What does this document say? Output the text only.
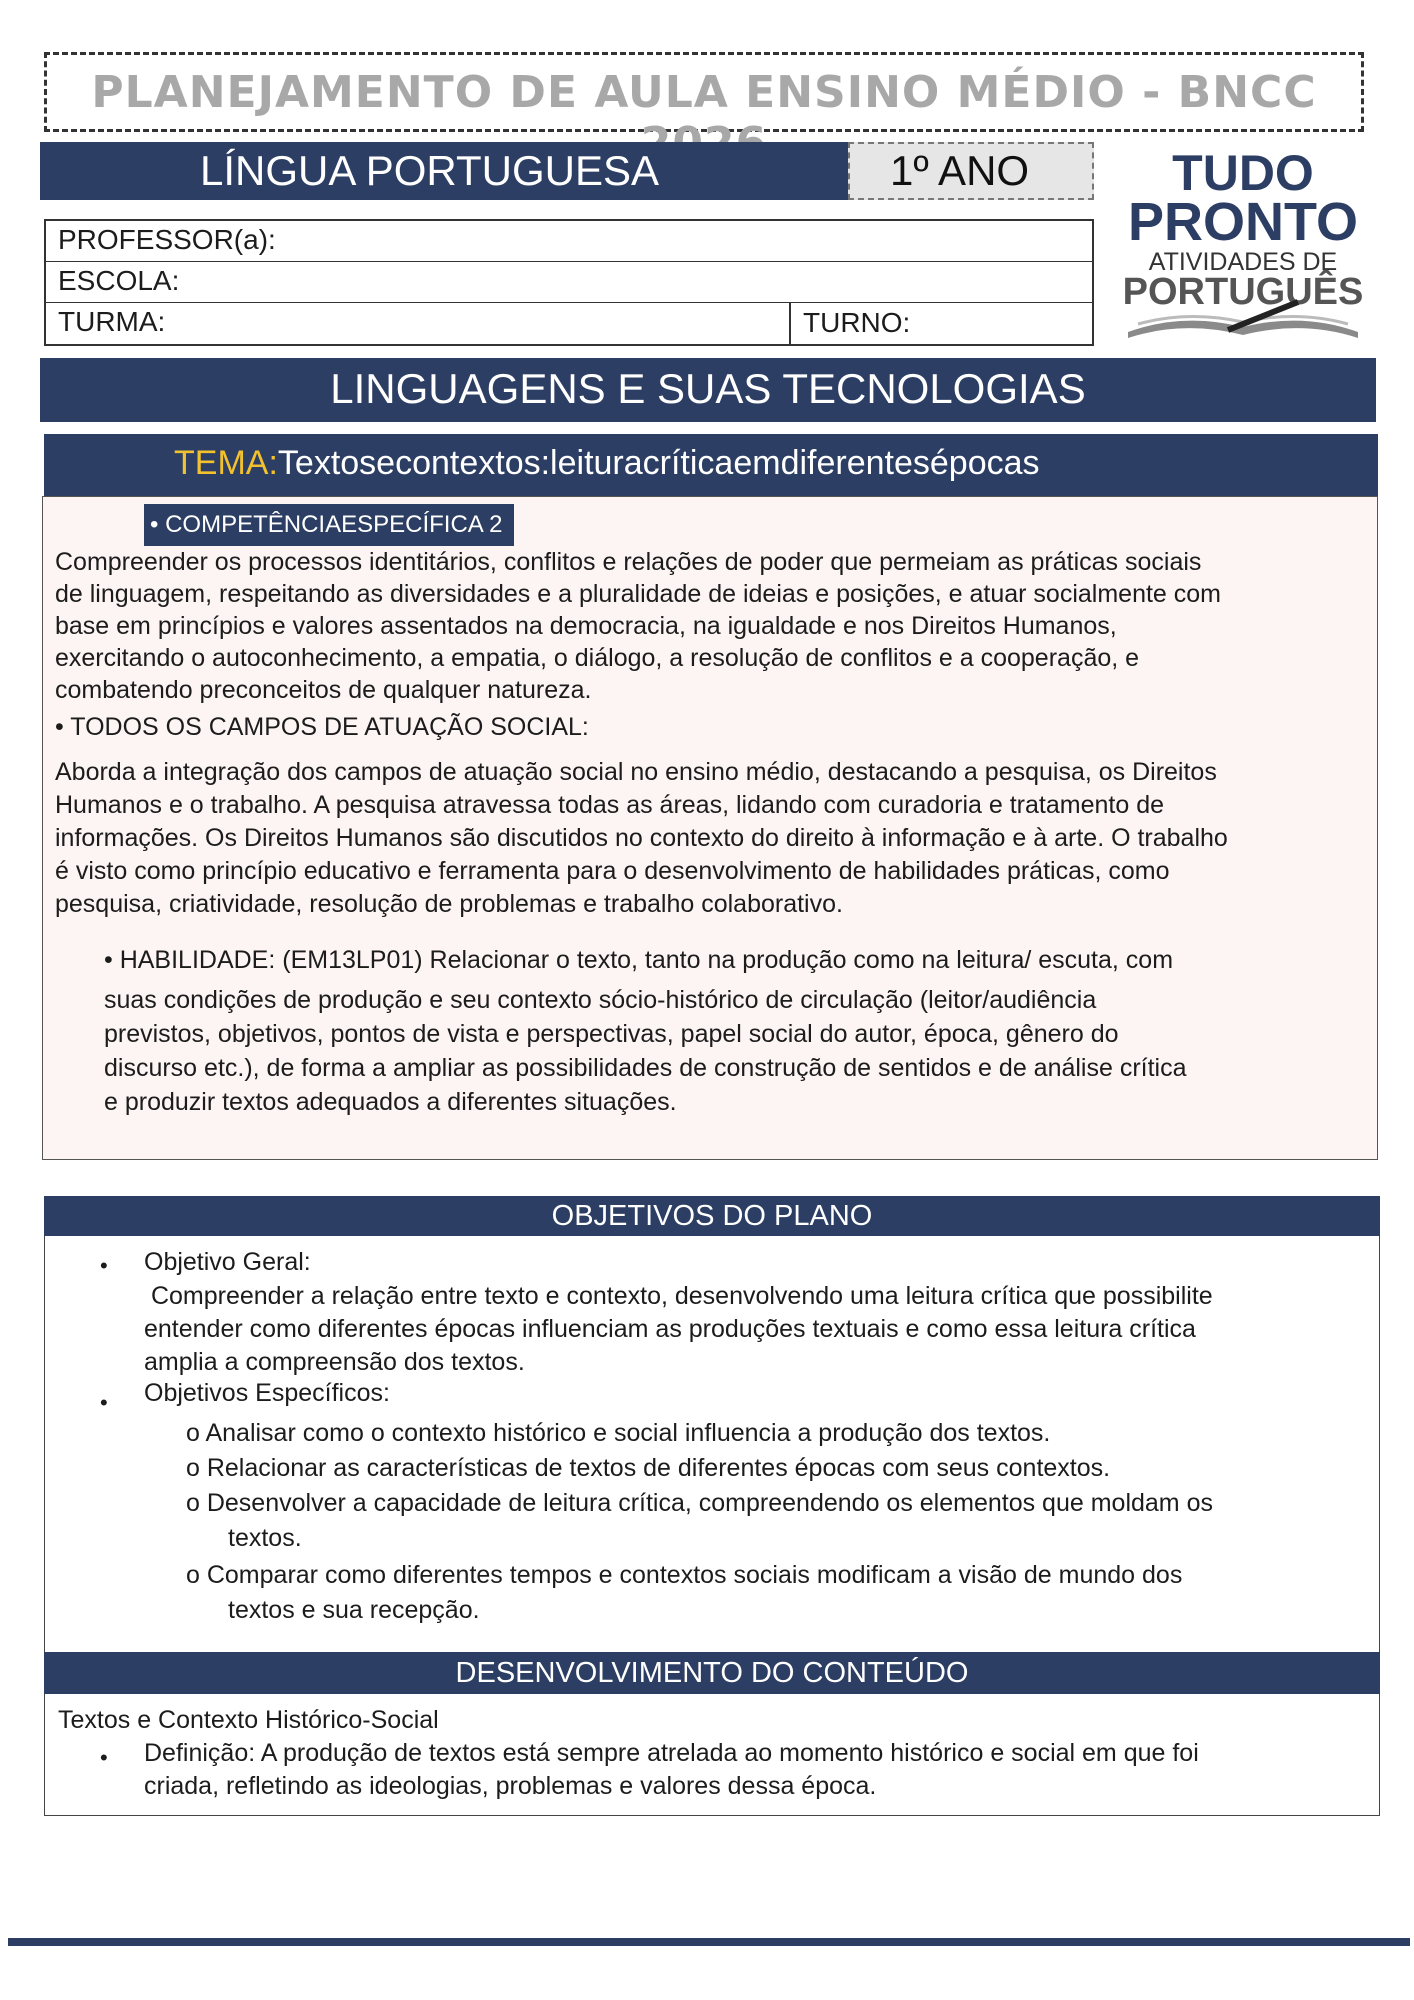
PLANEJAMENTO DE AULA ENSINO MÉDIO - BNCC
LÍNGUA PORTUGUESA	1º ANO
PROFESSOR(a):
ESCOLA:
TURMA:	TURNO:
TUDO
PRONTO
ATIVIDADES DE
PORTUGUÊS
LINGUAGENS E SUAS TECNOLOGIAS
TEMA:Textosecontextos:leituracríticaemdiferentesépocas
• COMPETÊNCIAESPECÍFICA 2
Compreender os processos identitários, conflitos e relações de poder que permeiam as práticas sociais
de linguagem, respeitando as diversidades e a pluralidade de ideias e posições, e atuar socialmente com
base em princípios e valores assentados na democracia, na igualdade e nos Direitos Humanos,
exercitando o autoconhecimento, a empatia, o diálogo, a resolução de conflitos e a cooperação, e
combatendo preconceitos de qualquer natureza.
• TODOS OS CAMPOS DE ATUAÇÃO SOCIAL:
Aborda a integração dos campos de atuação social no ensino médio, destacando a pesquisa, os Direitos
Humanos e o trabalho. A pesquisa atravessa todas as áreas, lidando com curadoria e tratamento de
informações. Os Direitos Humanos são discutidos no contexto do direito à informação e à arte. O trabalho
é visto como princípio educativo e ferramenta para o desenvolvimento de habilidades práticas, como
pesquisa, criatividade, resolução de problemas e trabalho colaborativo.
• HABILIDADE: (EM13LP01) Relacionar o texto, tanto na produção como na leitura/ escuta, com
suas condições de produção e seu contexto sócio-histórico de circulação (leitor/audiência
previstos, objetivos, pontos de vista e perspectivas, papel social do autor, época, gênero do
discurso etc.), de forma a ampliar as possibilidades de construção de sentidos e de análise crítica
e produzir textos adequados a diferentes situações.
OBJETIVOS DO PLANO
• Objetivo Geral:
Compreender a relação entre texto e contexto, desenvolvendo uma leitura crítica que possibilite
entender como diferentes épocas influenciam as produções textuais e como essa leitura crítica
amplia a compreensão dos textos.
• Objetivos Específicos:
o Analisar como o contexto histórico e social influencia a produção dos textos.
o Relacionar as características de textos de diferentes épocas com seus contextos.
o Desenvolver a capacidade de leitura crítica, compreendendo os elementos que moldam os
textos.
o Comparar como diferentes tempos e contextos sociais modificam a visão de mundo dos
textos e sua recepção.
DESENVOLVIMENTO DO CONTEÚDO
Textos e Contexto Histórico-Social
• Definição: A produção de textos está sempre atrelada ao momento histórico e social em que foi
criada, refletindo as ideologias, problemas e valores dessa época.
